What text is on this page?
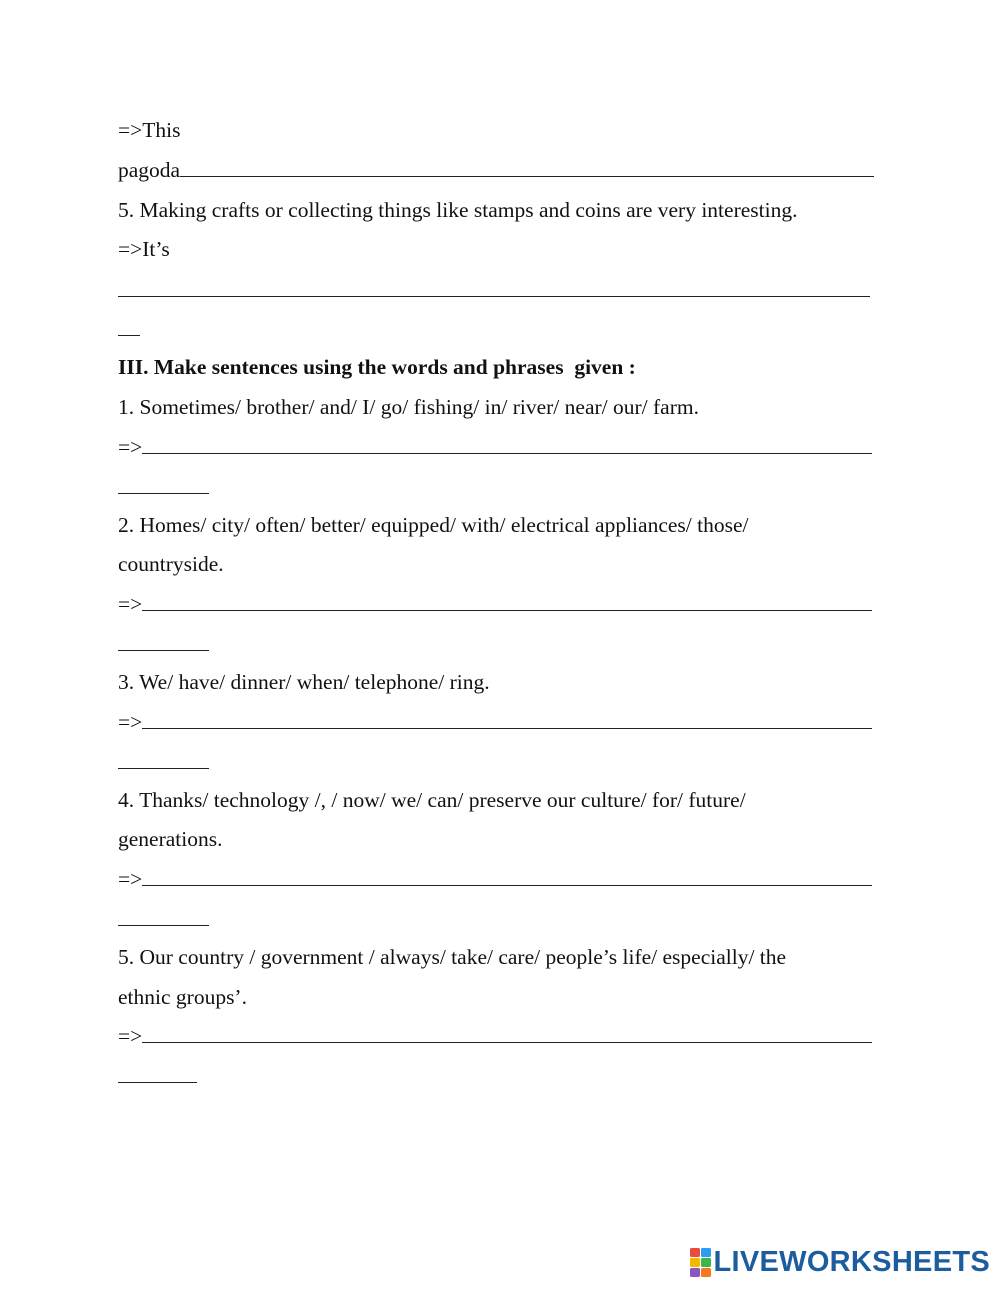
=>This
pagoda
5. Making crafts or collecting things like stamps and coins are very interesting.
=>It’s
III. Make sentences using the words and phrases  given :
1. Sometimes/ brother/ and/ I/ go/ fishing/ in/ river/ near/ our/ farm.
=>
2. Homes/ city/ often/ better/ equipped/ with/ electrical appliances/ those/
countryside.
=>
3. We/ have/ dinner/ when/ telephone/ ring.
=>
4. Thanks/ technology /, / now/ we/ can/ preserve our culture/ for/ future/
generations.
=>
5. Our country / government / always/ take/ care/ people’s life/ especially/ the
ethnic groups’.
=>
LIVEWORKSHEETS
